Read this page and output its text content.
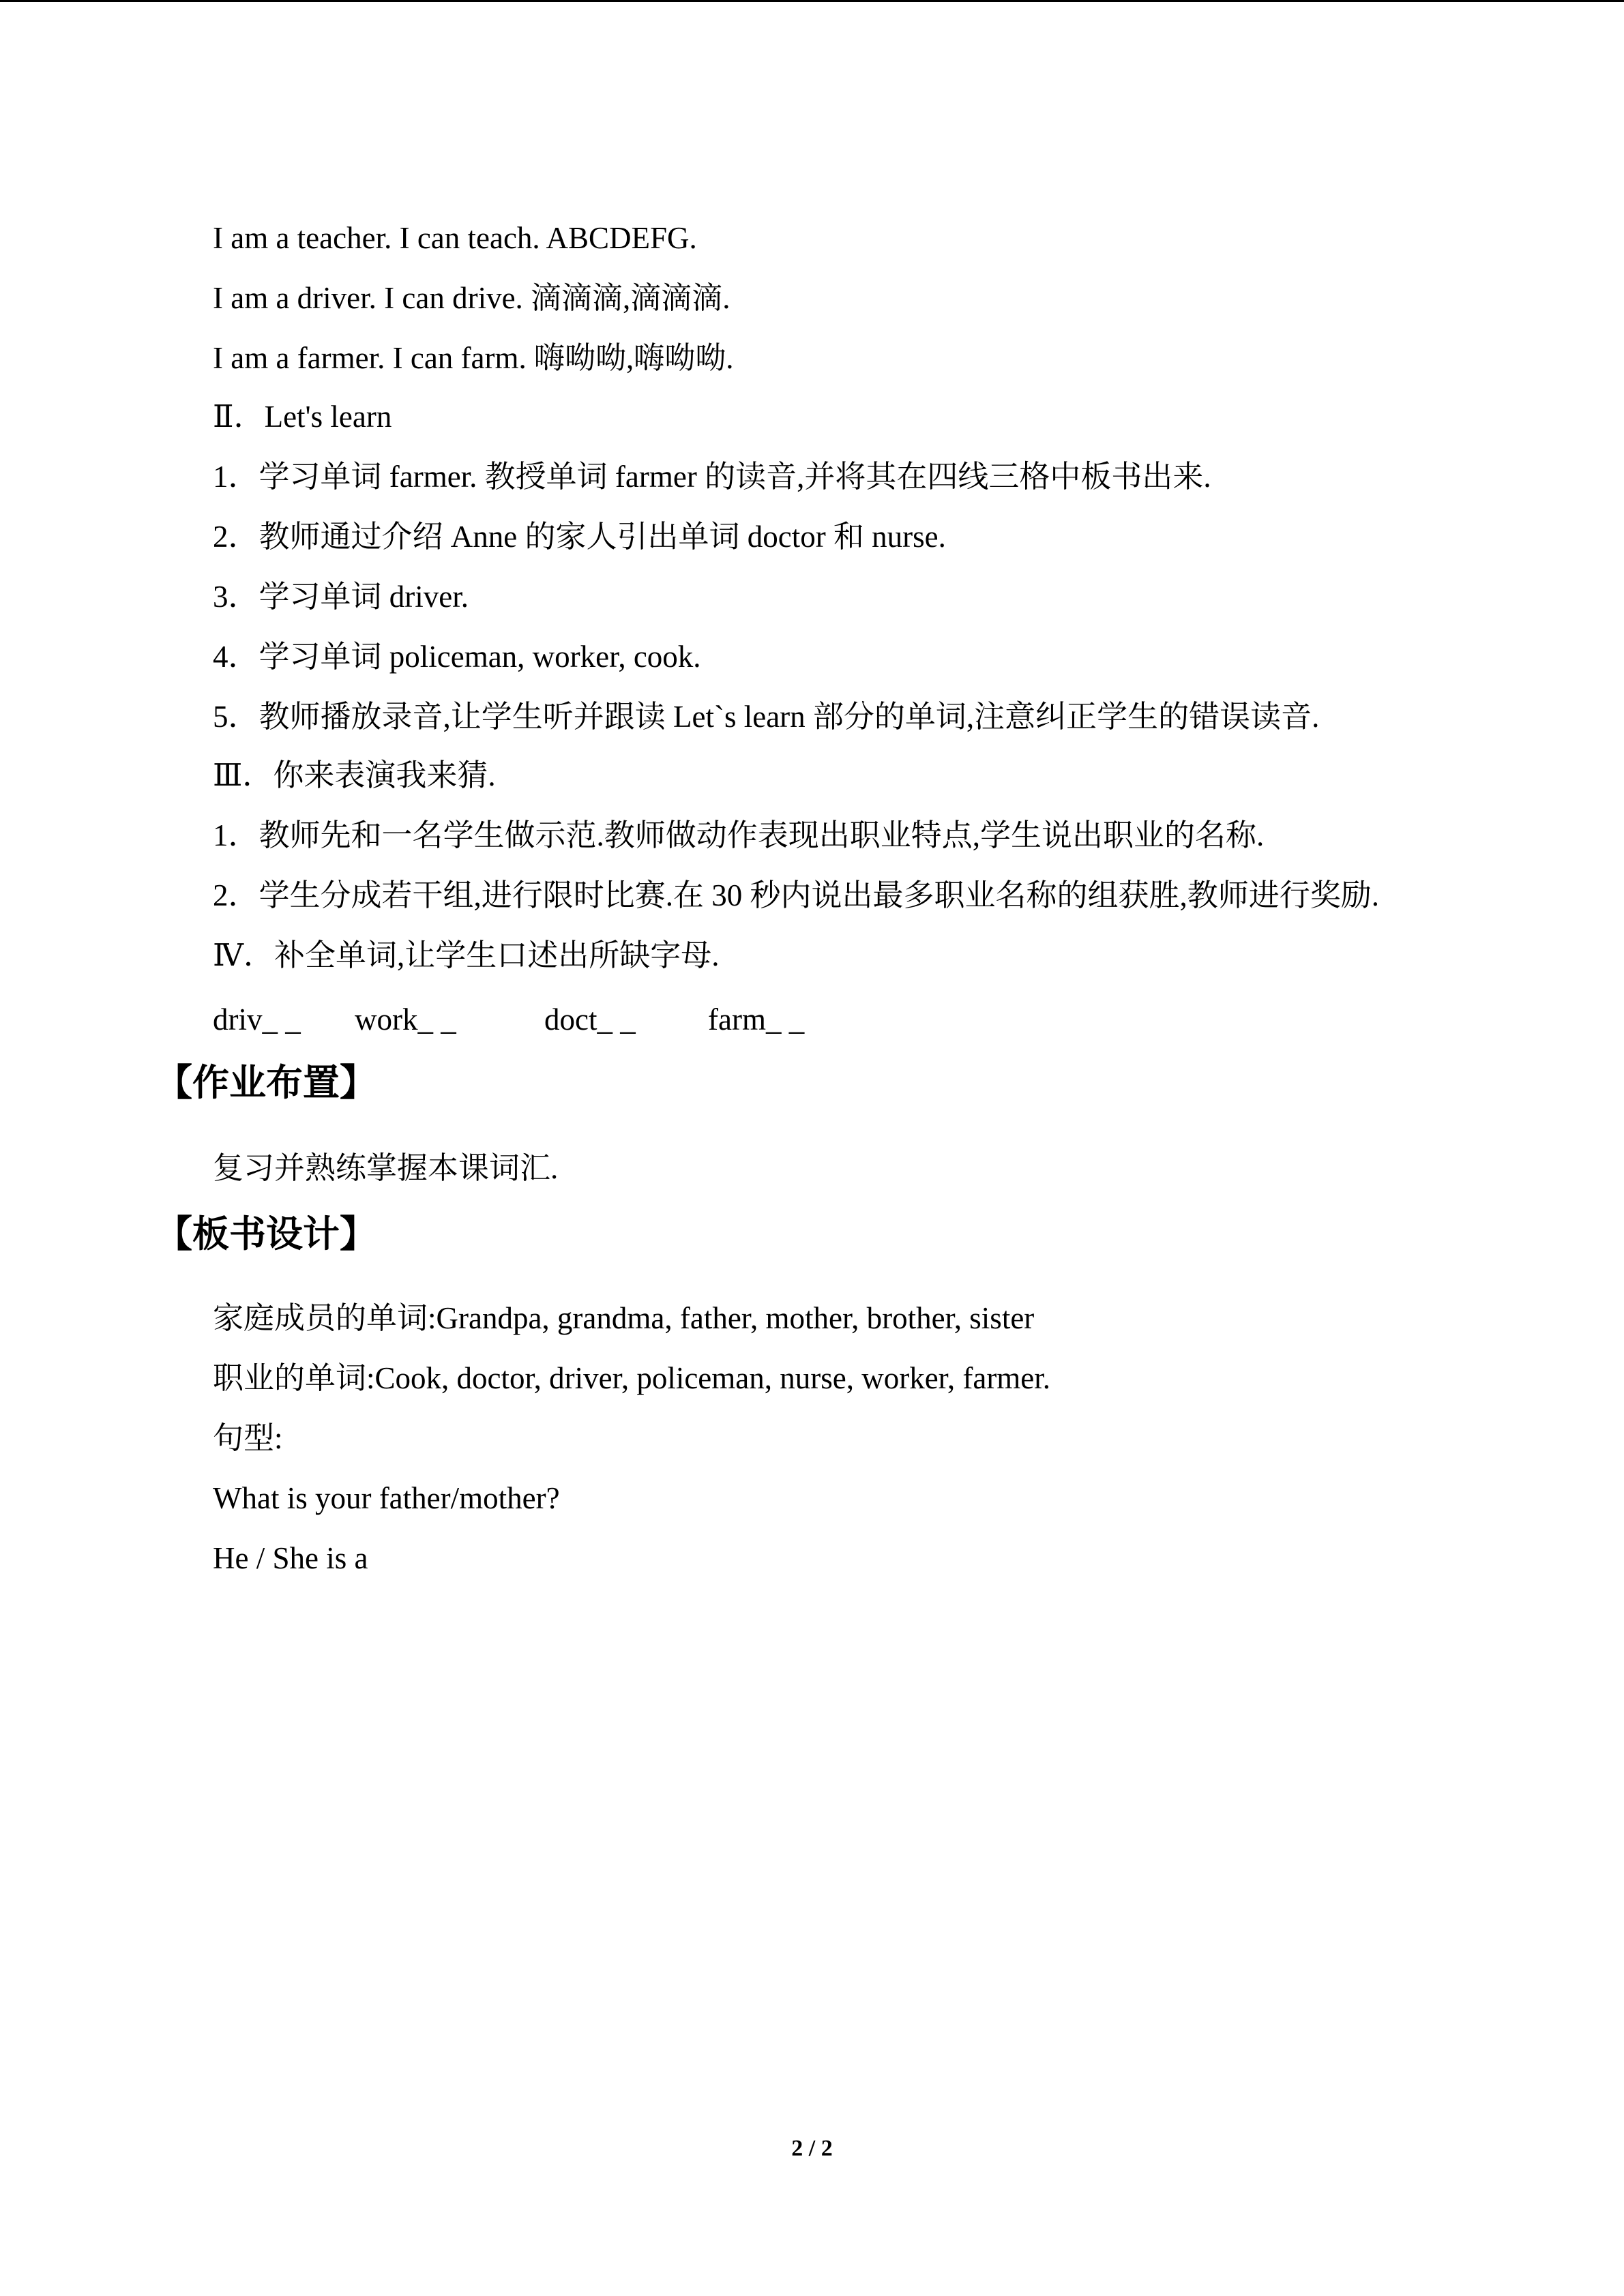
I am a teacher. I can teach. ABCDEFG.
I am a driver. I can drive. 滴滴滴,滴滴滴.
I am a farmer. I can farm. 嗨呦呦,嗨呦呦.
Ⅱ．Let's learn
1．学习单词 farmer. 教授单词 farmer 的读音,并将其在四线三格中板书出来.
2．教师通过介绍 Anne 的家人引出单词 doctor 和 nurse.
3．学习单词 driver.
4．学习单词 policeman, worker, cook.
5．教师播放录音,让学生听并跟读 Let`s learn 部分的单词,注意纠正学生的错误读音.
Ⅲ．你来表演我来猜.
1．教师先和一名学生做示范.教师做动作表现出职业特点,学生说出职业的名称.
2．学生分成若干组,进行限时比赛.在 30 秒内说出最多职业名称的组获胜,教师进行奖励.
Ⅳ．补全单词,让学生口述出所缺字母.
driv_ _ work_ _	doct_ _ farm_ _
【作业布置】
复习并熟练掌握本课词汇.
【板书设计】
家庭成员的单词:Grandpa, grandma, father, mother, brother, sister
职业的单词:Cook, doctor, driver, policeman, nurse, worker, farmer.
句型:
What is your father/mother?
He / She is a
2 / 2
